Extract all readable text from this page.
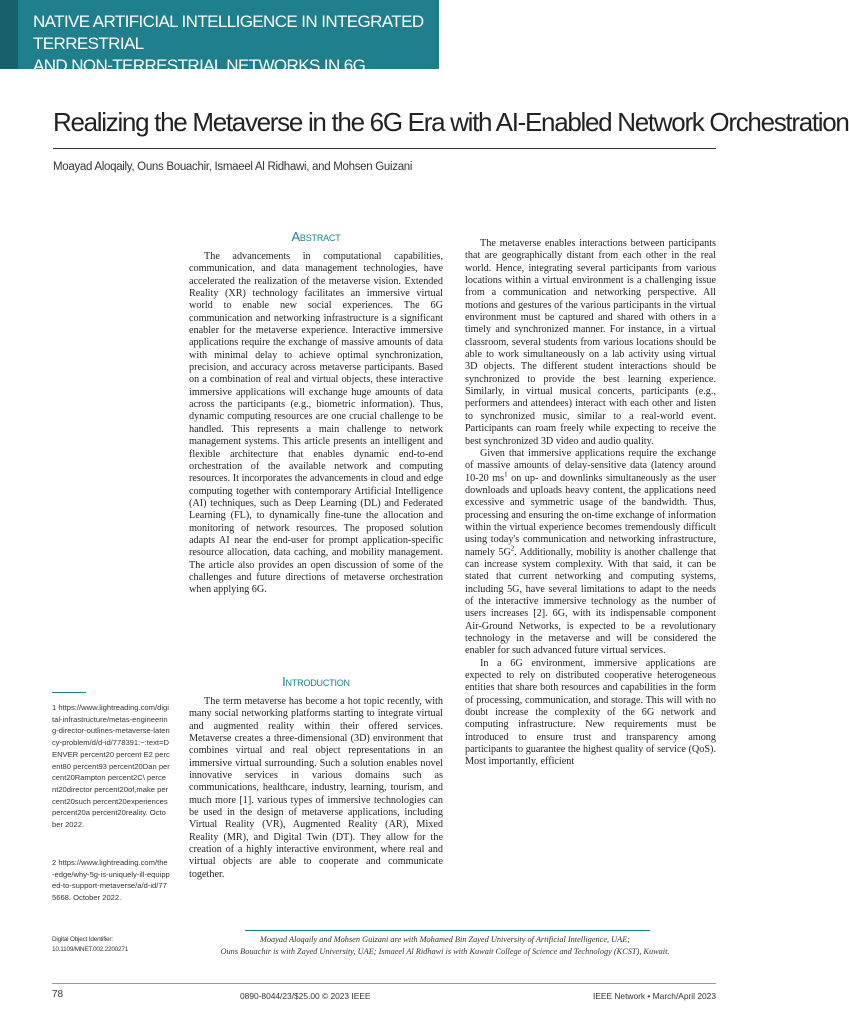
NATIVE ARTIFICIAL INTELLIGENCE IN INTEGRATED TERRESTRIAL
AND NON-TERRESTRIAL NETWORKS IN 6G
Realizing the Metaverse in the 6G Era with AI-Enabled Network Orchestration
Moayad Aloqaily, Ouns Bouachir, Ismaeel Al Ridhawi, and Mohsen Guizani
Abstract

The advancements in computational capabilities, communication, and data management technologies, have accelerated the realization of the metaverse vision. Extended Reality (XR) technology facilitates an immersive virtual world to enable new social experiences. The 6G communication and networking infrastructure is a significant enabler for the metaverse experience. Interactive immersive applications require the exchange of massive amounts of data with minimal delay to achieve optimal synchronization, precision, and accuracy across metaverse participants. Based on a combination of real and virtual objects, these interactive immersive applications will exchange huge amounts of data across the participants (e.g., biometric information). Thus, dynamic computing resources are one crucial challenge to be handled. This represents a main challenge to network management systems. This article presents an intelligent and flexible architecture that enables dynamic end-to-end orchestration of the available network and computing resources. It incorporates the advancements in cloud and edge computing together with contemporary Artificial Intelligence (AI) techniques, such as Deep Learning (DL) and Federated Learning (FL), to dynamically fine-tune the allocation and monitoring of network resources. The proposed solution adapts AI near the end-user for prompt application-specific resource allocation, data caching, and mobility management. The article also provides an open discussion of some of the challenges and future directions of metaverse orchestration when applying 6G.

Introduction

The term metaverse has become a hot topic recently, with many social networking platforms starting to integrate virtual and augmented reality within their offered services. Metaverse creates a three-dimensional (3D) environment that combines virtual and real object representations in an immersive virtual surrounding. Such a solution enables novel innovative services in various domains such as communications, healthcare, industry, learning, tourism, and much more [1]. various types of immersive technologies can be used in the design of metaverse applications, including Virtual Reality (VR), Augmented Reality (AR), Mixed Reality (MR), and Digital Twin (DT). They allow for the creation of a highly interactive environment, where real and virtual objects are able to cooperate and communicate together.

The metaverse enables interactions between participants that are geographically distant from each other in the real world. Hence, integrating several participants from various locations within a virtual environment is a challenging issue from a communication and networking perspective. All motions and gestures of the various participants in the virtual environment must be captured and shared with others in a timely and synchronized manner. For instance, in a virtual classroom, several students from various locations should be able to work simultaneously on a lab activity using virtual 3D objects. The different student interactions should be synchronized to provide the best learning experience. Similarly, in virtual musical concerts, participants (e.g., performers and attendees) interact with each other and listen to synchronized music, similar to a real-world event. Participants can roam freely while expecting to receive the best synchronized 3D video and audio quality.

Given that immersive applications require the exchange of massive amounts of delay-sensitive data (latency around 10-20 $ms^1$ on up- and downlinks simultaneously as the user downloads and uploads heavy content, the applications need excessive and symmetric usage of the bandwidth. Thus, processing and ensuring the on-time exchange of information within the virtual experience becomes tremendously difficult using today's communication and networking infrastructure, namely $5G^2$. Additionally, mobility is another challenge that can increase system complexity. With that said, it can be stated that current networking and computing systems, including 5G, have several limitations to adapt to the needs of the interactive immersive technology as the number of users increases [2]. 6G, with its indispensable component Air-Ground Networks, is expected to be a revolutionary technology in the metaverse and will be considered the enabler for such advanced future virtual services.

In a 6G environment, immersive applications are expected to rely on distributed cooperative heterogeneous entities that share both resources and capabilities in the form of processing, communication, and storage. This will with no doubt increase the complexity of the 6G network and computing infrastructure. New requirements must be introduced to ensure trust and transparency among participants to guarantee the highest quality of service (QoS). Most importantly, efficient

1 https://www.lightreading.com/digital-infrastructure/metas-engineering-director-outlines-metaverse-latency-problem/d/d-id/778391:~:text=DENVER percent20 percent E2 percent80 percent93 percent20Dan percent20Rampton percent2C\ percent20director percent20of,make percent20such percent20experiences percent20a percent20reality. October 2022.
2 https://www.lightreading.com/the-edge/why-5g-is-uniquely-ill-equipped-to-support-metaverse/a/d-id/775668. October 2022.
Digital Object Identifier:
10.1109/MNET.002.2200271
Moayad Aloqaily and Mohsen Guizani are with Mohamed Bin Zayed University of Artificial Intelligence, UAE;
Ouns Bouachir is with Zayed University, UAE; Ismaeel Al Ridhawi is with Kuwait College of Science and Technology (KCST), Kuwait.
78	0890-8044/23/$25.00 © 2023 IEEE	IEEE Network • March/April 2023
